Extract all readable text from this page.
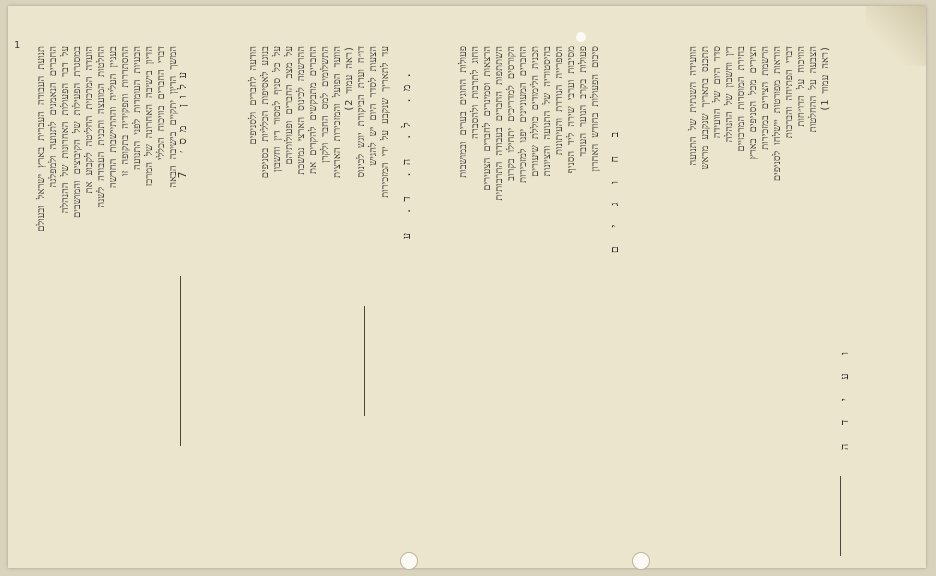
1
עלון מס׳ 7
תנועת העבודה העברית בארץ ישראל ובעולם החברים הנאמנים לתנועה ולמפלגה על דבר הפעולות האחרונות של ההנהלה במסגרת הפעילות של הקיבוצים והמושבים הועדה המרכזית החליטה לקבוע את החלטות המועצה ותכנית העבודה לשנה בעניין העלייה וההתיישבות החדשה ההסתדרות ותפקידיה בתקופה זו הבעיות העומדות לפני התנועה הדיון בישיבה האחרונה של המרכז דברי החברים בוויכוח הכללי המשך הדיון יתקיים בישיבה הבאה	מ. ל. ה. ד. ע.
הודעה לחברים ולסניפים בנוגע לאסיפות הכלליות בסניפים על כל סניף למסור דין וחשבון על מצב החברים ופעולותיהם ההרשמה לכינוס הארצי נמשכת החברים מתבקשים להקדים את התשלומים למס החבר ולקרן הוועד הפועל והמזכירות הארצית (ראה עמוד 2) דו״ח ועדת הביקורת יוגש לכינוס הצעות לסדר היום יש להגיש עד לתאריך שנקבע על ידי המזכירות	ב ח ו ג י ם
פעולות החוגים בערים ובמושבות החוג לתרבות ולהסברה הרצאות וסמינרים לחברים הצעירים השתתפות החברים בעבודה התרבותית הקורסים למדריכים יתחילו בקרוב החברים המעוניינים יפנו למזכירות תכנית הלימודים כוללת שיעורים בהיסטוריה של התנועה והציונות הספרייה הנודדת והעיתונות מסיבות וערבי שירה ליד הסניף פעולות בקרב הנוער העובד סיכום הפעולות בחודש האחרון
ו ע י ד ה
הוועידה השנתית של התנועה תתכנס בתאריך שנקבע מראש סדר היום של הוועידה דין וחשבון של ההנהלה בחירת המוסדות המרכזיים הצירים מכל הסניפים בארץ הרשמת הצירים במזכירות הוראות מפורטות יישלחו לסניפים דברי הפתיחה והברכות הוויכוח על הדו״חות הצבעה על ההחלטות (ראה עמוד 1)
